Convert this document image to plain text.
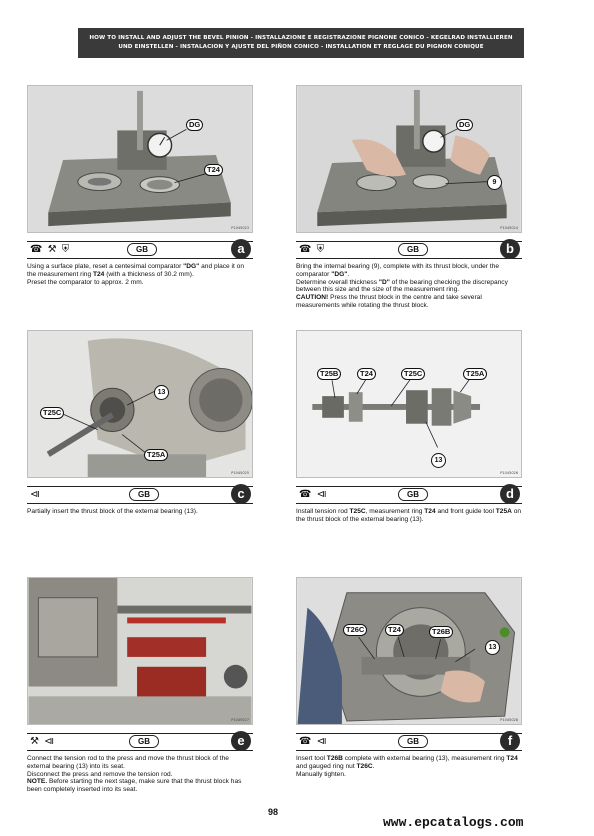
HOW TO INSTALL AND ADJUST THE BEVEL PINION - INSTALLAZIONE E REGISTRAZIONE PIGNONE CONICO - KEGELRAD INSTALLIEREN
UND EINSTELLEN - INSTALACION Y AJUSTE DEL PIÑON CONICO - INSTALLATION ET REGLAGE DU PIGNON CONIQUE
DG
T24
P1045023
☎ ⚒ ⛨	GB	a

Using a surface plate, reset a centesimal comparator "DG" and place it on the measurement ring T24 (with a thickness of 30.2 mm).

Preset the comparator to approx. 2 mm.

DG
9
P1045024
☎ ⛨	GB	b

Bring the internal bearing (9), complete with its thrust block, under the comparator "DG".

Determine overall thickness "D" of the bearing checking the discrepancy between this size and the size of the measurement ring.

CAUTION! Press the thrust block in the centre and take several measurements while rotating the thrust block.

13
T25C
T25A
P1045025
⧏	GB	c

Partially insert the thrust block of the external bearing (13).

T25B	T24	T25C	T25A
13
P1045026
☎ ⧏	GB	d

Install tension rod T25C, measurement ring T24 and front guide tool T25A on the thrust block of the external bearing (13).

P1045027
⚒ ⧏	GB	e

Connect the tension rod to the press and move the thrust block of the external bearing (13) into its seat.

Disconnect the press and remove the tension rod.

NOTE. Before starting the next stage, make sure that the thrust block has been completely inserted into its seat.

T26C	T24	T26B
13
P1045028
☎ ⧏	GB	f

Insert tool T26B complete with external bearing (13), measurement ring T24 and gauged ring nut T26C.

Manually tighten.

98
www.epcatalogs.com
